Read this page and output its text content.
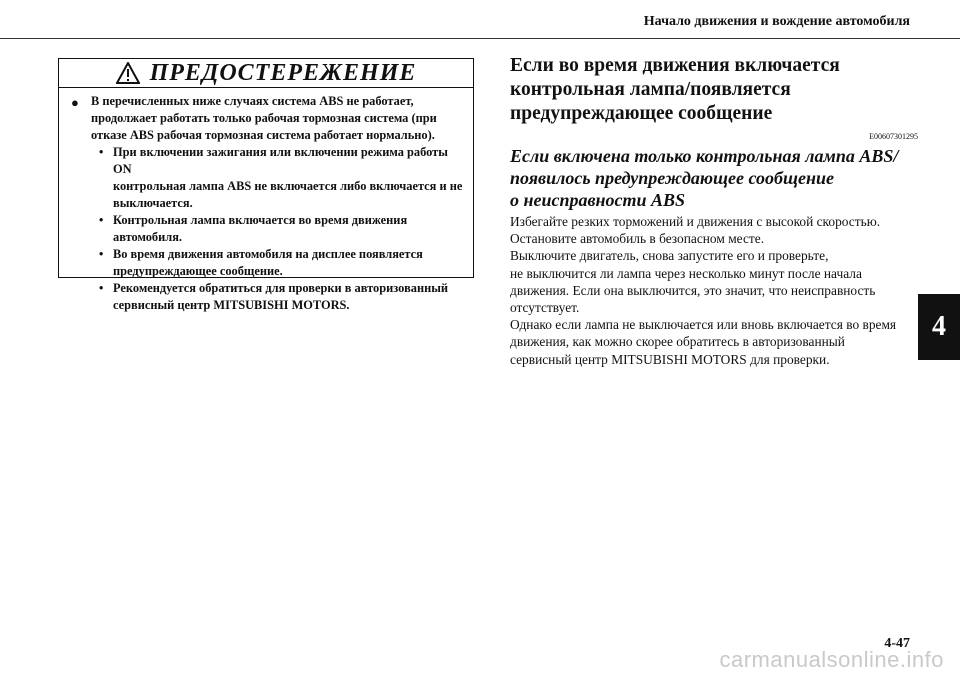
Начало движения и вождение автомобиля
4
ПРЕДОСТЕРЕЖЕНИЕ
● В перечисленных ниже случаях система ABS не работает,
продолжает работать только рабочая тормозная система (при
отказе ABS рабочая тормозная система работает нормально).
• При включении зажигания или включении режима работы ON
контрольная лампа ABS не включается либо включается и не
выключается.
• Контрольная лампа включается во время движения
автомобиля.
• Во время движения автомобиля на дисплее появляется
предупреждающее сообщение.
• Рекомендуется обратиться для проверки в авторизованный
сервисный центр MITSUBISHI MOTORS.
Если во время движения включается
контрольная лампа/появляется
предупреждающее сообщение
E00607301295
Если включена только контрольная лампа ABS/
появилось предупреждающее сообщение
о неисправности ABS
Избегайте резких торможений и движения с высокой скоростью.
Остановите автомобиль в безопасном месте.
Выключите двигатель, снова запустите его и проверьте,
не выключится ли лампа через несколько минут после начала
движения. Если она выключится, это значит, что неисправность
отсутствует.
Однако если лампа не выключается или вновь включается во время
движения, как можно скорее обратитесь в авторизованный
сервисный центр MITSUBISHI MOTORS для проверки.
4-47
carmanualsonline.info
